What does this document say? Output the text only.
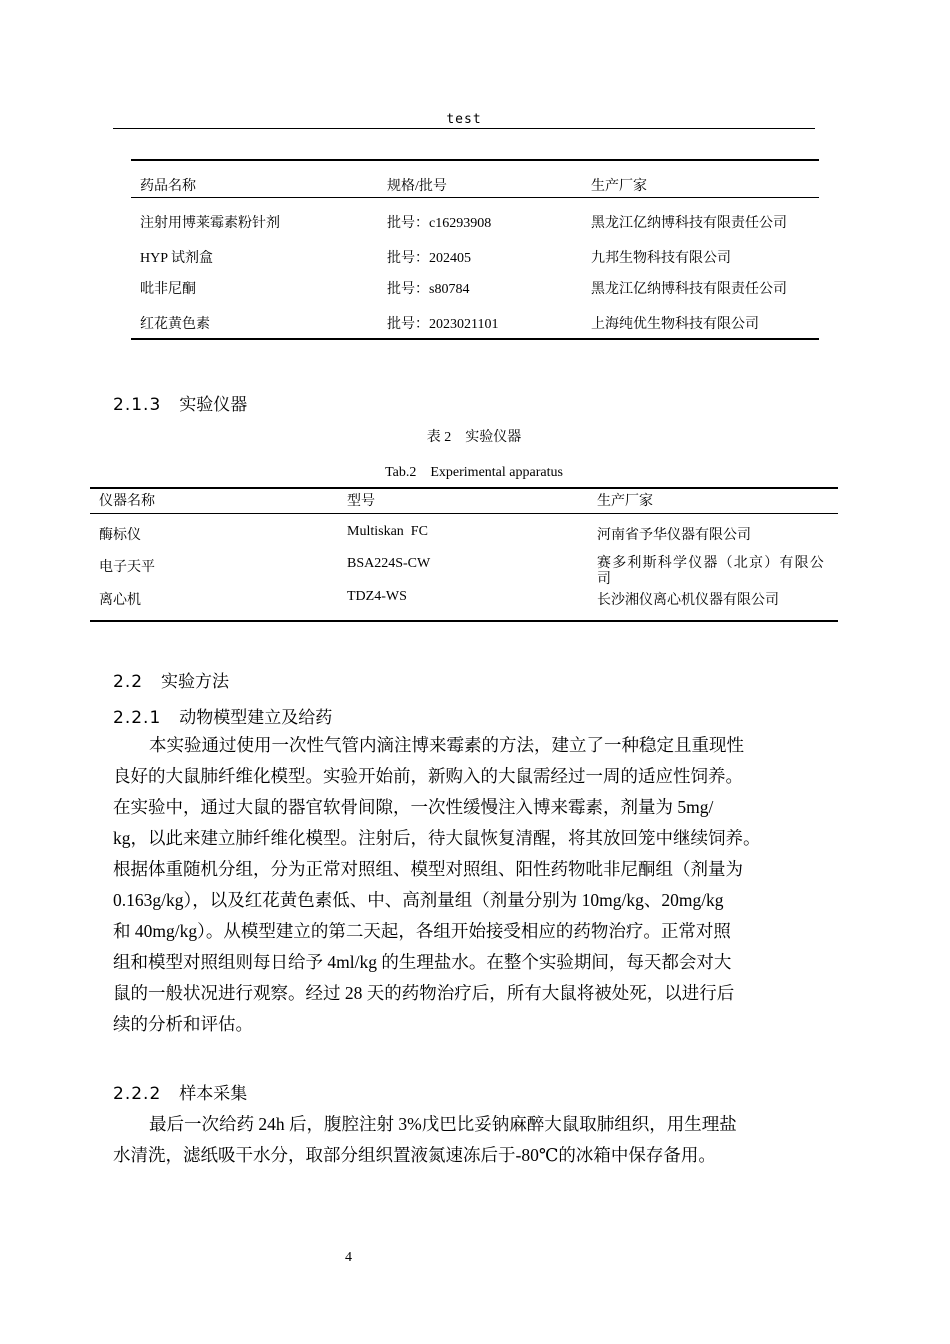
test
药品名称	规格/批号	生产厂家
注射用博莱霉素粉针剂	批号：c16293908	黑龙江亿纳博科技有限责任公司
HYP 试剂盒	批号：202405	九邦生物科技有限公司
吡非尼酮	批号：s80784	黑龙江亿纳博科技有限责任公司
红花黄色素	批号：2023021101	上海纯优生物科技有限公司
2.1.3 实验仪器
表 2　实验仪器
Tab.2　Experimental apparatus
仪器名称	型号	生产厂家
酶标仪	Multiskan  FC	河南省予华仪器有限公司
电子天平	BSA224S-CW	赛多利斯科学仪器（北京）有限公司
离心机	TDZ4-WS	长沙湘仪离心机仪器有限公司
2.2 实验方法
2.2.1 动物模型建立及给药
本实验通过使用一次性气管内滴注博来霉素的方法，建立了一种稳定且重现性
良好的大鼠肺纤维化模型。实验开始前，新购入的大鼠需经过一周的适应性饲养。
在实验中，通过大鼠的器官软骨间隙，一次性缓慢注入博来霉素，剂量为 5mg/
kg，以此来建立肺纤维化模型。注射后，待大鼠恢复清醒，将其放回笼中继续饲养。
根据体重随机分组，分为正常对照组、模型对照组、阳性药物吡非尼酮组（剂量为
0.163g/kg），以及红花黄色素低、中、高剂量组（剂量分别为 10mg/kg、20mg/kg
和 40mg/kg）。从模型建立的第二天起，各组开始接受相应的药物治疗。正常对照
组和模型对照组则每日给予 4ml/kg 的生理盐水。在整个实验期间，每天都会对大
鼠的一般状况进行观察。经过 28 天的药物治疗后，所有大鼠将被处死，以进行后
续的分析和评估。
2.2.2 样本采集
最后一次给药 24h 后，腹腔注射 3%戊巴比妥钠麻醉大鼠取肺组织，用生理盐
水清洗，滤纸吸干水分，取部分组织置液氮速冻后于-80℃的冰箱中保存备用。
4
